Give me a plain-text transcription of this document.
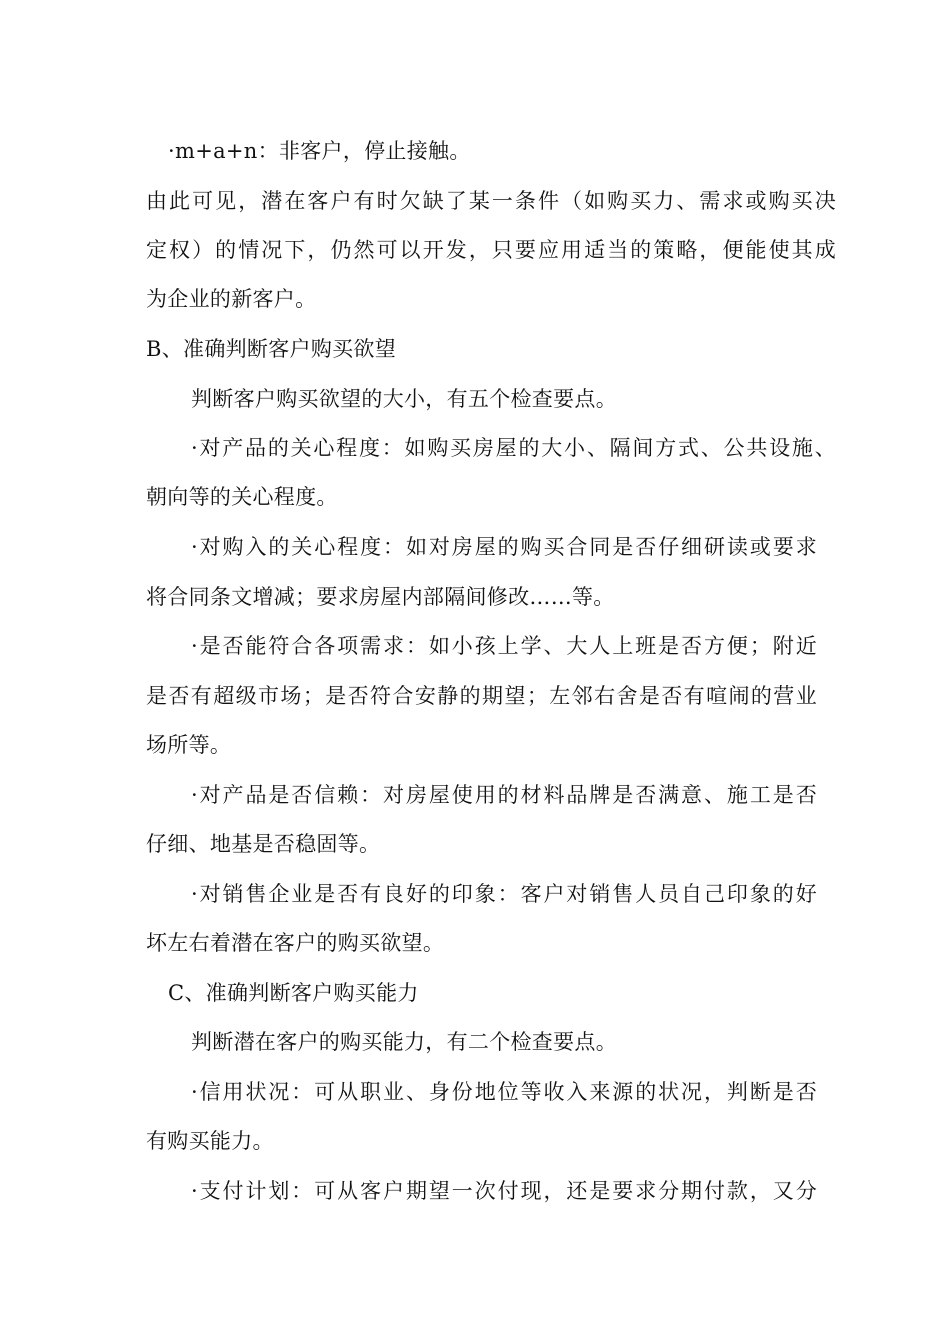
·m+a+n：非客户，停止接触。
由此可见，潜在客户有时欠缺了某一条件（如购买力、需求或购买决
定权）的情况下，仍然可以开发，只要应用适当的策略，便能使其成
为企业的新客户。
B、准确判断客户购买欲望
判断客户购买欲望的大小，有五个检查要点。
·对产品的关心程度：如购买房屋的大小、隔间方式、公共设施、
朝向等的关心程度。
·对购入的关心程度：如对房屋的购买合同是否仔细研读或要求
将合同条文增减；要求房屋内部隔间修改……等。
·是否能符合各项需求：如小孩上学、大人上班是否方便；附近
是否有超级市场；是否符合安静的期望；左邻右舍是否有喧闹的营业
场所等。
·对产品是否信赖：对房屋使用的材料品牌是否满意、施工是否
仔细、地基是否稳固等。
·对销售企业是否有良好的印象：客户对销售人员自己印象的好
坏左右着潜在客户的购买欲望。
C、准确判断客户购买能力
判断潜在客户的购买能力，有二个检查要点。
·信用状况：可从职业、身份地位等收入来源的状况，判断是否
有购买能力。
·支付计划：可从客户期望一次付现，还是要求分期付款，又分
